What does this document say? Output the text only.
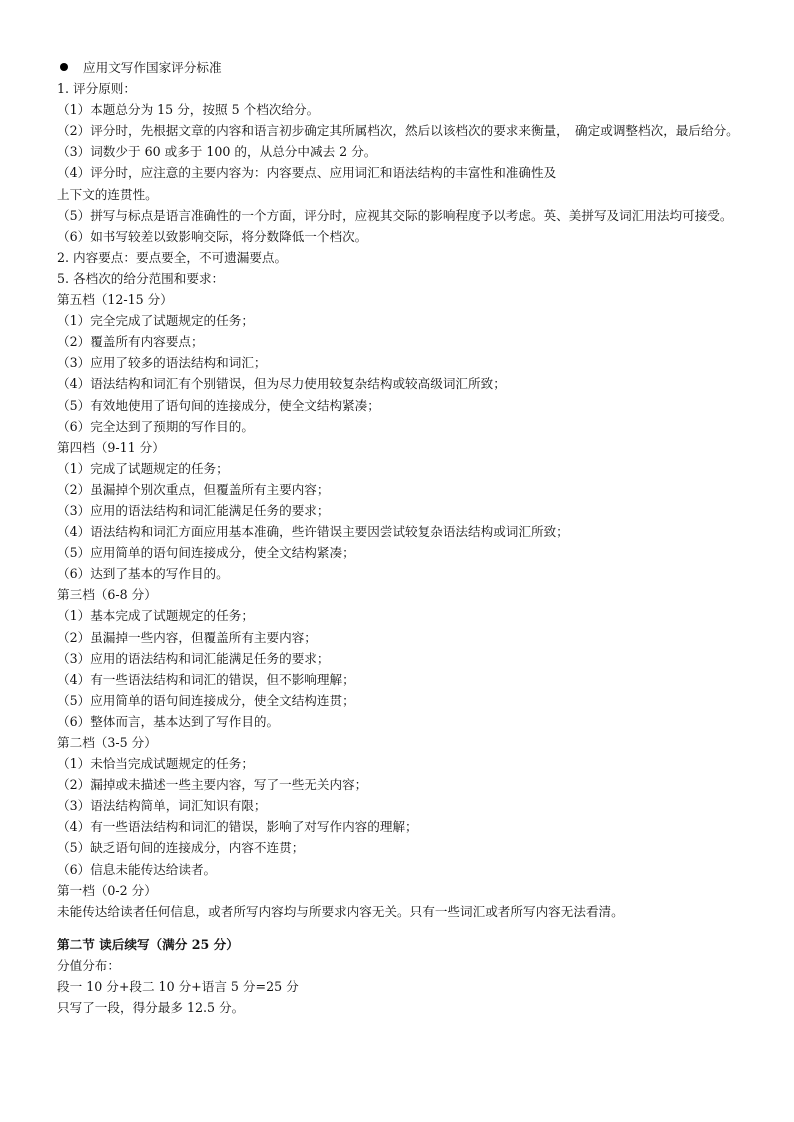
应用文写作国家评分标准
1. 评分原则：
（1）本题总分为 15 分，按照 5 个档次给分。
（2）评分时，先根据文章的内容和语言初步确定其所属档次，然后以该档次的要求来衡量，　确定或调整档次，最后给分。
（3）词数少于 60 或多于 100 的，从总分中减去 2 分。
（4）评分时，应注意的主要内容为：内容要点、应用词汇和语法结构的丰富性和准确性及
上下文的连贯性。
（5）拼写与标点是语言准确性的一个方面，评分时，应视其交际的影响程度予以考虑。英、美拼写及词汇用法均可接受。
（6）如书写较差以致影响交际，将分数降低一个档次。
2. 内容要点：要点要全，不可遗漏要点。
5. 各档次的给分范围和要求：
第五档（12-15 分）
（1）完全完成了试题规定的任务；
（2）覆盖所有内容要点；
（3）应用了较多的语法结构和词汇；
（4）语法结构和词汇有个别错误，但为尽力使用较复杂结构或较高级词汇所致；
（5）有效地使用了语句间的连接成分，使全文结构紧凑；
（6）完全达到了预期的写作目的。
第四档（9-11 分）
（1）完成了试题规定的任务；
（2）虽漏掉个别次重点，但覆盖所有主要内容；
（3）应用的语法结构和词汇能满足任务的要求；
（4）语法结构和词汇方面应用基本准确，些许错误主要因尝试较复杂语法结构或词汇所致；
（5）应用简单的语句间连接成分，使全文结构紧凑；
（6）达到了基本的写作目的。
第三档（6-8 分）
（1）基本完成了试题规定的任务；
（2）虽漏掉一些内容，但覆盖所有主要内容；
（3）应用的语法结构和词汇能满足任务的要求；
（4）有一些语法结构和词汇的错误，但不影响理解；
（5）应用简单的语句间连接成分，使全文结构连贯；
（6）整体而言，基本达到了写作目的。
第二档（3-5 分）
（1）未恰当完成试题规定的任务；
（2）漏掉或未描述一些主要内容，写了一些无关内容；
（3）语法结构简单，词汇知识有限；
（4）有一些语法结构和词汇的错误，影响了对写作内容的理解；
（5）缺乏语句间的连接成分，内容不连贯；
（6）信息未能传达给读者。
第一档（0-2 分）
未能传达给读者任何信息，或者所写内容均与所要求内容无关。只有一些词汇或者所写内容无法看清。
第二节 读后续写（满分 25 分）
分值分布：
段一 10 分+段二 10 分+语言 5 分=25 分
只写了一段，得分最多 12.5 分。
